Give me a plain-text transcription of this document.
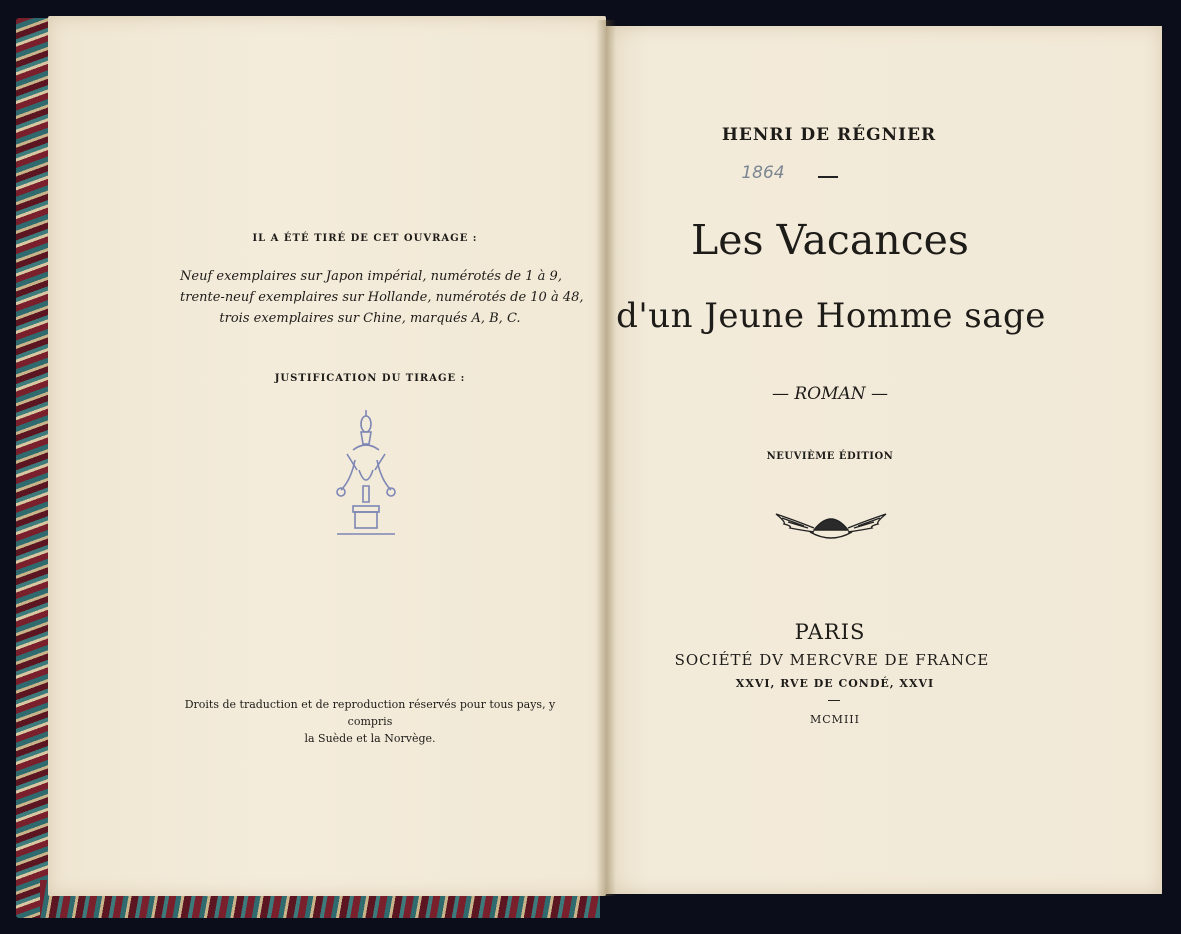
IL A ÉTÉ TIRÉ DE CET OUVRAGE :
Neuf exemplaires sur Japon impérial, numérotés de 1 à 9,
trente-neuf exemplaires sur Hollande, numérotés de 10 à 48,
trois exemplaires sur Chine, marqués A, B, C.
JUSTIFICATION DU TIRAGE :
Droits de traduction et de reproduction réservés pour tous pays, y compris
la Suède et la Norvège.
HENRI DE RÉGNIER
1864
Les Vacances
d'un Jeune Homme sage
— ROMAN —
NEUVIÈME ÉDITION
PARIS
SOCIÉTÉ DV MERCVRE DE FRANCE
XXVI, RVE DE CONDÉ, XXVI
MCMIII
